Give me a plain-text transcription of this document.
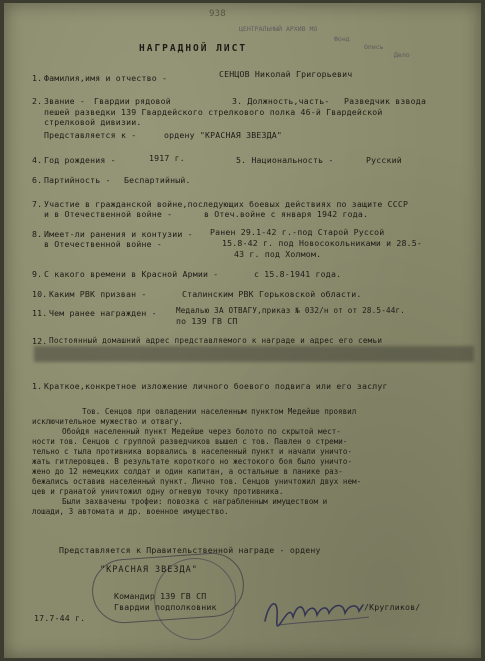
938
ЦЕНТРАЛЬНЫЙ АРХИВ МО
Фонд
Опись
Дело
НАГРАДНОЙ ЛИСТ
1. Фамилия,имя и отчество -	СЕНЦОВ Николай Григорьевич
2. Звание - Гвардии рядовой	3. Должность,часть- Разведчик взвода
пешей разведки 139 Гвардейского стрелкового полка 46-й Гвардейской
стрелковой дивизии.
Представляется к -	ордену "КРАСНАЯ ЗВЕЗДА"
4. Год рождения -	1917 г.	5. Национальность -	Русский
6. Партийность - Беспартийный.
7. Участие в гражданской войне,последующих боевых действиях по защите СССР
и в Отечественной войне -	в Отеч.войне с января 1942 года.
8. Имеет-ли ранения и контузии - Ранен 29.1-42 г.-под Старой Руссой
в Отечественной войне -	15.8-42 г. под Новосокольниками и 28.5-
43 г. под Холмом.
9. С какого времени в Красной Армии -	с 15.8-1941 года.
10. Каким РВК призван -	Сталинским РВК Горьковской области.
11. Чем ранее награжден -	Медалью ЗА ОТВАГУ,приказ № 032/н от от 28.5-44г.
по 139 ГВ СП
12. Постоянный домашний адрес представляемого к награде и адрес его семьи
1. Краткое,конкретное изложение личного боевого подвига или его заслуг
Тов. Сенцов при овладении населенным пунктом Медейше проявил
исключительное мужество и отвагу.
Обойдя населенный пункт Медейше через болото по скрытой мест-
ности тов. Сенцов с группой разведчиков вышел с тов. Павлен о стреми-
тельно с тыла противника ворвались в населенный пункт и начали уничто-
жать гитлеровцев. В результате короткого но жестокого боя было уничто-
жено до 12 немецких солдат и один капитан, а остальные в панике раз-
бежались оставив населенный пункт. Лично тов. Сенцов уничтожил двух нем-
цев и гранатой уничтожил одну огневую точку противника.
Были захвачены трофеи: повозка с награбленным имуществом и
лошади, 3 автомата и др. военное имущество.
Представляется к Правительственной награде - ордену
"КРАСНАЯ ЗВЕЗДА"
Командир 139 ГВ СП
Гвардии подполковник
17.7-44 г.
/Кругликов/
